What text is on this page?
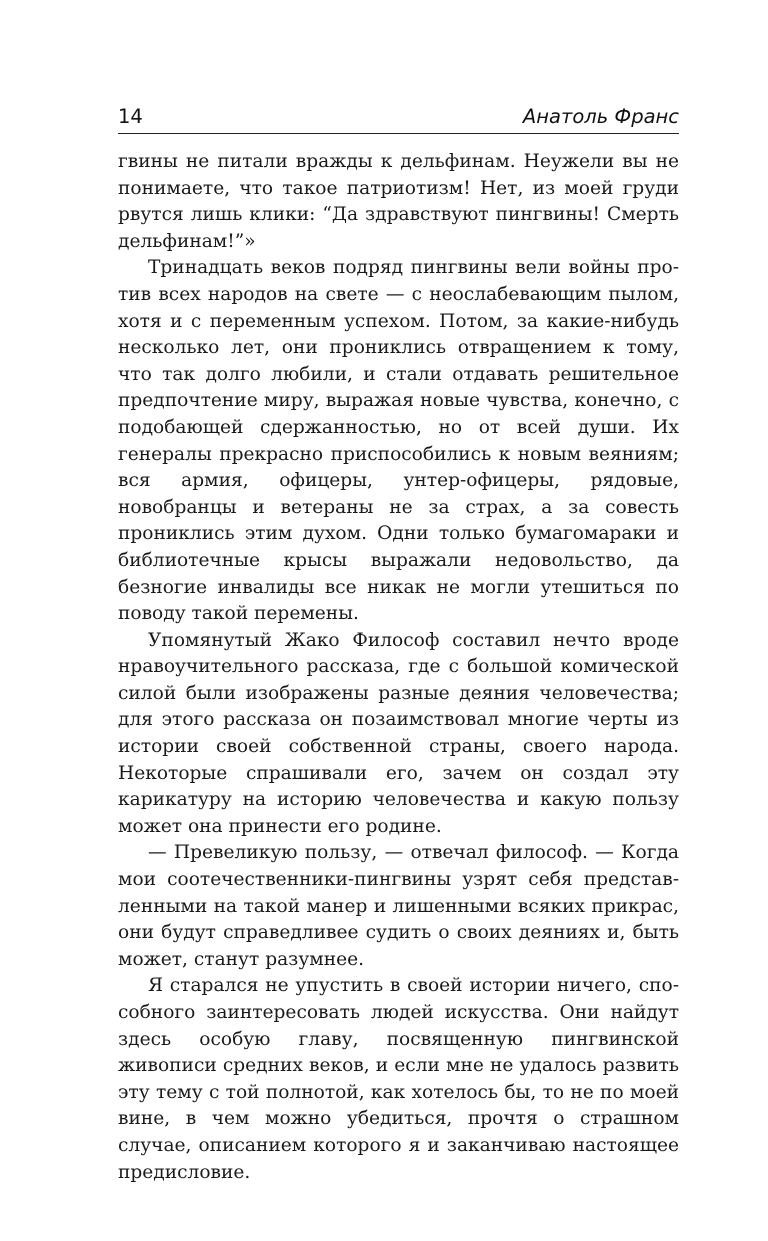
14	Анатоль Франс

гвины не питали вражды к дельфинам. Неужели вы не понимаете, что такое патриотизм! Нет, из моей груди рвутся лишь клики: “Да здравствуют пингвины! Смерть дельфинам!”»

Тринадцать веков подряд пингвины вели войны против всех народов на свете — с неослабевающим пылом, хотя и с переменным успехом. Потом, за какие-нибудь несколько лет, они прониклись отвращением к тому, что так долго любили, и стали отдавать решительное предпочтение миру, выражая новые чувства, конечно, с подобающей сдержанностью, но от всей души. Их генералы прекрасно приспособились к новым веяниям; вся армия, офицеры, унтер-офицеры, рядовые, новобранцы и ветераны не за страх, а за совесть прониклись этим духом. Одни только бумагомараки и библиотечные крысы выражали недовольство, да безногие инвалиды все никак не могли утешиться по поводу такой перемены.

Упомянутый Жако Философ составил нечто вроде нравоучительного рассказа, где с большой комической силой были изображены разные деяния человечества; для этого рассказа он позаимствовал многие черты из истории своей собственной страны, своего народа. Некоторые спрашивали его, зачем он создал эту карикатуру на историю человечества и какую пользу может она принести его родине.

— Превеликую пользу, — отвечал философ. — Когда мои соотечественники-пингвины узрят себя представленными на такой манер и лишенными всяких прикрас, они будут справедливее судить о своих деяниях и, быть может, станут разумнее.

Я старался не упустить в своей истории ничего, способного заинтересовать людей искусства. Они найдут здесь особую главу, посвященную пингвинской живописи средних веков, и если мне не удалось развить эту тему с той полнотой, как хотелось бы, то не по моей вине, в чем можно убедиться, прочтя о страшном случае, описанием которого я и заканчиваю настоящее предисловие.
